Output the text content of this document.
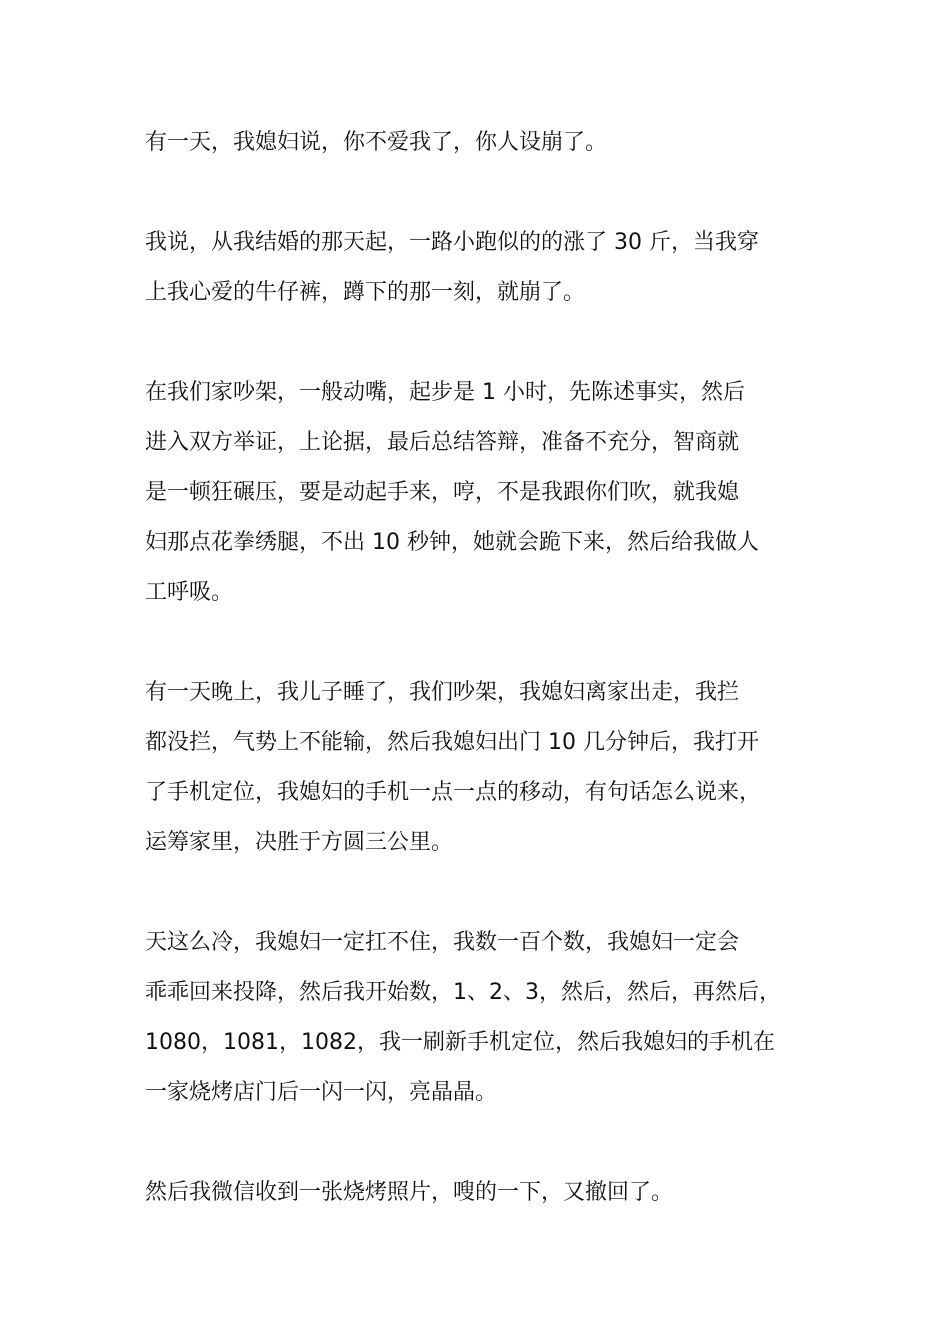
有一天，我媳妇说，你不爱我了，你人设崩了。
我说，从我结婚的那天起，一路小跑似的的涨了 30 斤，当我穿
上我心爱的牛仔裤，蹲下的那一刻，就崩了。
在我们家吵架，一般动嘴，起步是 1 小时，先陈述事实，然后
进入双方举证，上论据，最后总结答辩，准备不充分，智商就
是一顿狂碾压，要是动起手来，哼，不是我跟你们吹，就我媳
妇那点花拳绣腿，不出 10 秒钟，她就会跪下来，然后给我做人
工呼吸。
有一天晚上，我儿子睡了，我们吵架，我媳妇离家出走，我拦
都没拦，气势上不能输，然后我媳妇出门 10 几分钟后，我打开
了手机定位，我媳妇的手机一点一点的移动，有句话怎么说来，
运筹家里，决胜于方圆三公里。
天这么冷，我媳妇一定扛不住，我数一百个数，我媳妇一定会
乖乖回来投降，然后我开始数，1、2、3，然后，然后，再然后，
1080，1081，1082，我一刷新手机定位，然后我媳妇的手机在
一家烧烤店门后一闪一闪，亮晶晶。
然后我微信收到一张烧烤照片，嗖的一下，又撤回了。
